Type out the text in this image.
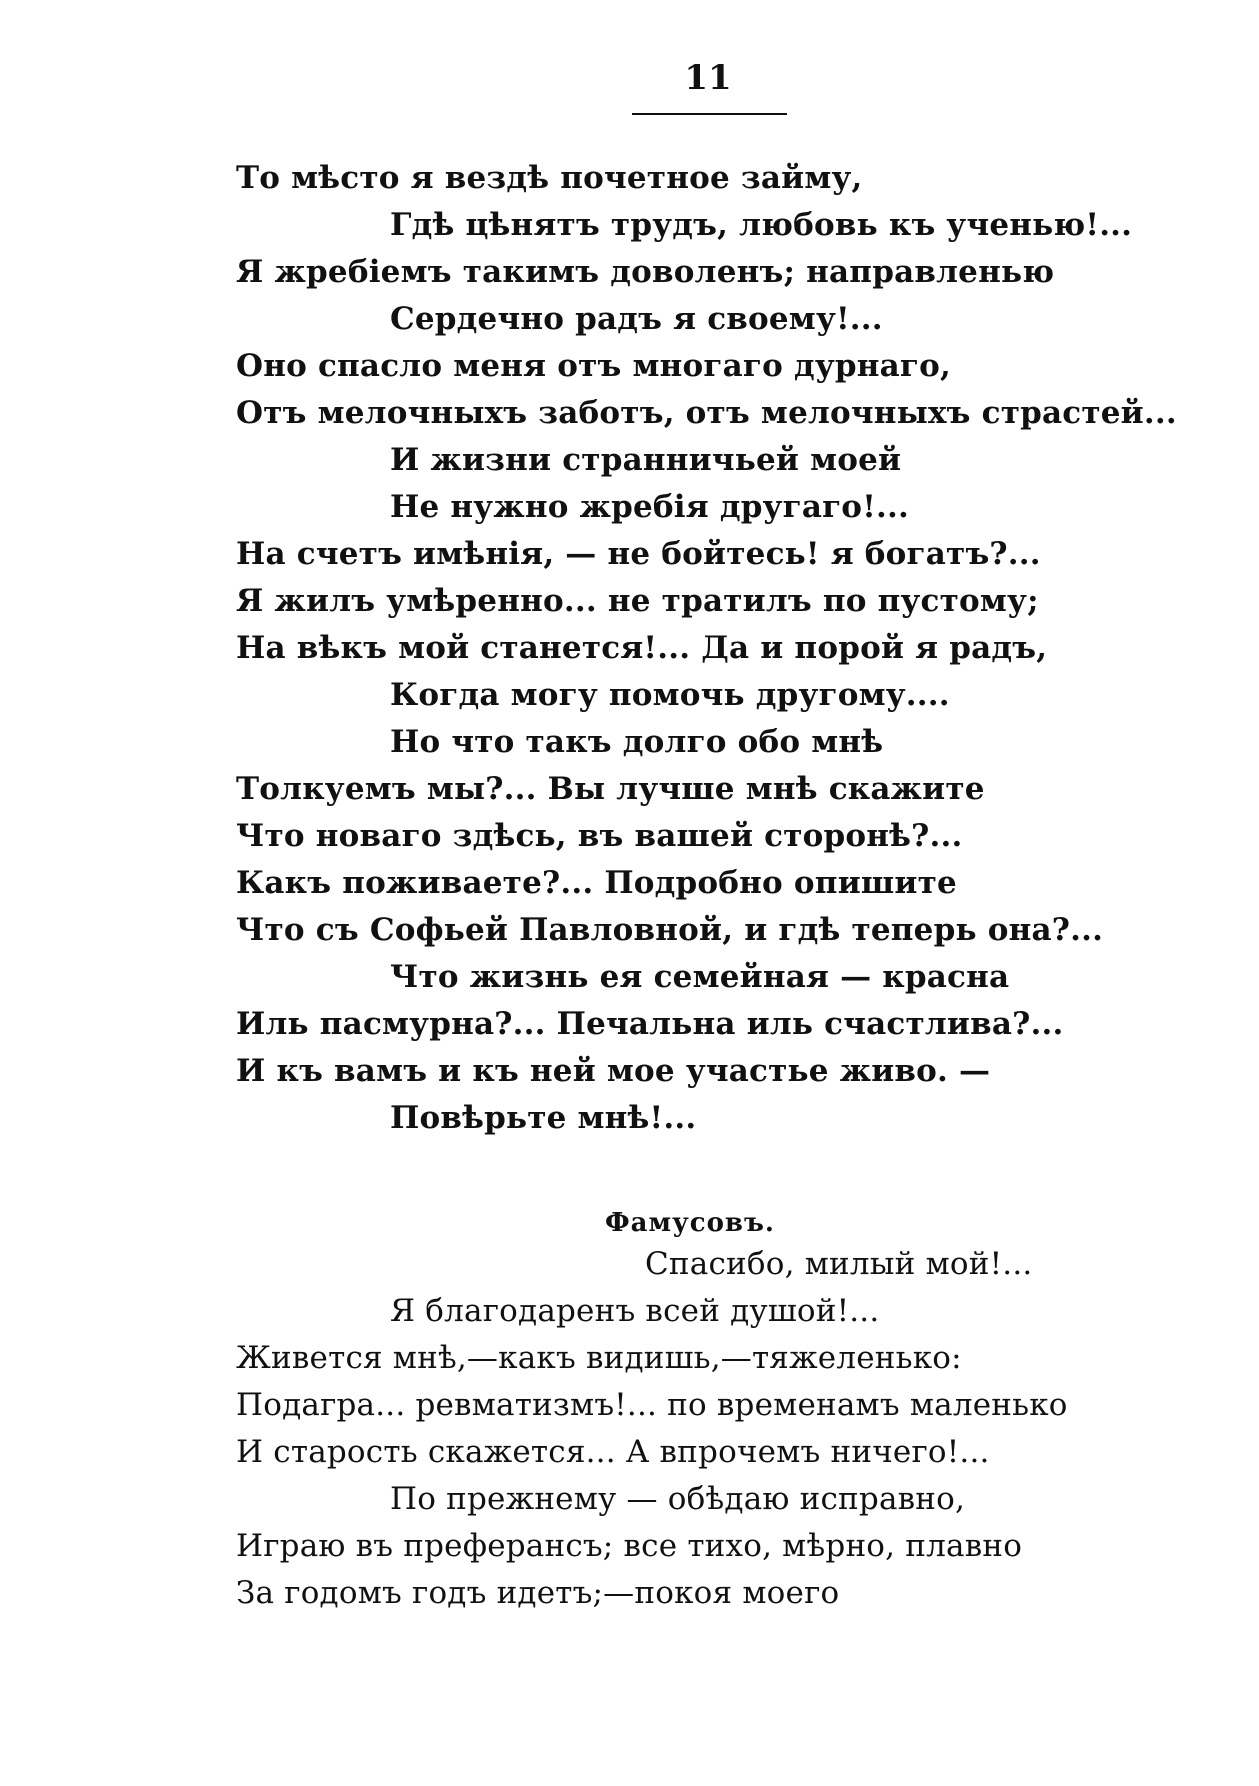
11
То мѣсто я вездѣ почетное займу,
Гдѣ цѣнятъ трудъ, любовь къ ученью!...
Я жребіемъ такимъ доволенъ; направленью
Сердечно радъ я своему!...
Оно спасло меня отъ многаго дурнаго,
Отъ мелочныхъ заботъ, отъ мелочныхъ страстей...
И жизни странничьей моей
Не нужно жребія другаго!...
На счетъ имѣнія, — не бойтесь! я богатъ?...
Я жилъ умѣренно... не тратилъ по пустому;
На вѣкъ мой станется!... Да и порой я радъ,
Когда могу помочь другому....
Но что такъ долго обо мнѣ
Толкуемъ мы?... Вы лучше мнѣ скажите
Что новаго здѣсь, въ вашей сторонѣ?...
Какъ поживаете?... Подробно опишите
Что съ Софьей Павловной, и гдѣ теперь она?...
Что жизнь ея семейная — красна
Иль пасмурна?... Печальна иль счастлива?...
И къ вамъ и къ ней мое участье живо. —
Повѣрьте мнѣ!...
Фамусовъ.
Спасибо, милый мой!...
Я благодаренъ всей душой!...
Живется мнѣ,—какъ видишь,—тяжеленько:
Подагра... ревматизмъ!... по временамъ маленько
И старость скажется... А впрочемъ ничего!...
По прежнему — обѣдаю исправно,
Играю въ преферансъ; все тихо, мѣрно, плавно
За годомъ годъ идетъ;—покоя моего
